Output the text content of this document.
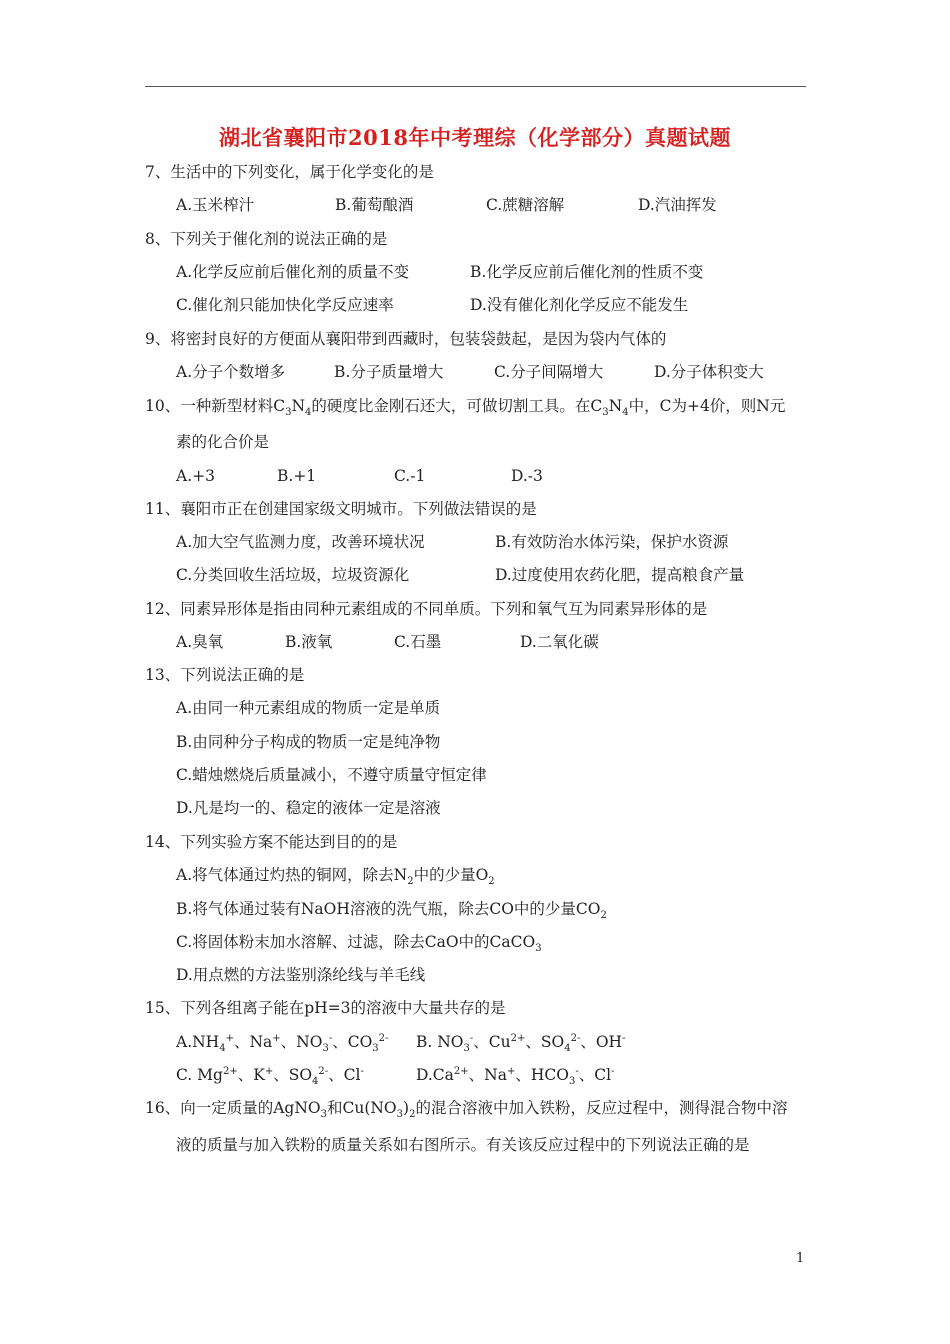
湖北省襄阳市2018年中考理综（化学部分）真题试题
7、生活中的下列变化，属于化学变化的是
A.玉米榨汁	B.葡萄酿酒	C.蔗糖溶解	D.汽油挥发
8、下列关于催化剂的说法正确的是
A.化学反应前后催化剂的质量不变	B.化学反应前后催化剂的性质不变
C.催化剂只能加快化学反应速率	D.没有催化剂化学反应不能发生
9、将密封良好的方便面从襄阳带到西藏时，包装袋鼓起，是因为袋内气体的
A.分子个数增多	B.分子质量增大	C.分子间隔增大	D.分子体积变大
10、一种新型材料$C_3N_4$的硬度比金刚石还大，可做切割工具。在$C_3N_4$中，C为+4价，则N元
素的化合价是
A.+3	B.+1	C.-1	D.-3
11、襄阳市正在创建国家级文明城市。下列做法错误的是
A.加大空气监测力度，改善环境状况	B.有效防治水体污染，保护水资源
C.分类回收生活垃圾，垃圾资源化	D.过度使用农药化肥，提高粮食产量
12、同素异形体是指由同种元素组成的不同单质。下列和氧气互为同素异形体的是
A.臭氧	B.液氧	C.石墨	D.二氧化碳
13、下列说法正确的是
A.由同一种元素组成的物质一定是单质
B.由同种分子构成的物质一定是纯净物
C.蜡烛燃烧后质量减小，不遵守质量守恒定律
D.凡是均一的、稳定的液体一定是溶液
14、下列实验方案不能达到目的的是
A.将气体通过灼热的铜网，除去$N_2$中的少量$O_2$
B.将气体通过装有NaOH溶液的洗气瓶，除去CO中的少量$CO_2$
C.将固体粉末加水溶解、过滤，除去CaO中的CaCO$_3$
D.用点燃的方法鉴别涤纶线与羊毛线
15、下列各组离子能在pH=3的溶液中大量共存的是
$A.NH_4^+$、Na+、$NO_3^-$、$CO_3^{2-}$ B. $NO_3^-$、$Cu^{2+}$、$SO_4^{2-}$、OH-
C. $Mg^{2+}$、K+、$SO_4^{2-}$、Cl-	$D.Ca^{2+}$、Na+、$HCO_3^-$、Cl-
16、向一定质量的AgNO$_3$和$Cu(NO_3)_2$的混合溶液中加入铁粉，反应过程中，测得混合物中溶
液的质量与加入铁粉的质量关系如右图所示。有关该反应过程中的下列说法正确的是
1
